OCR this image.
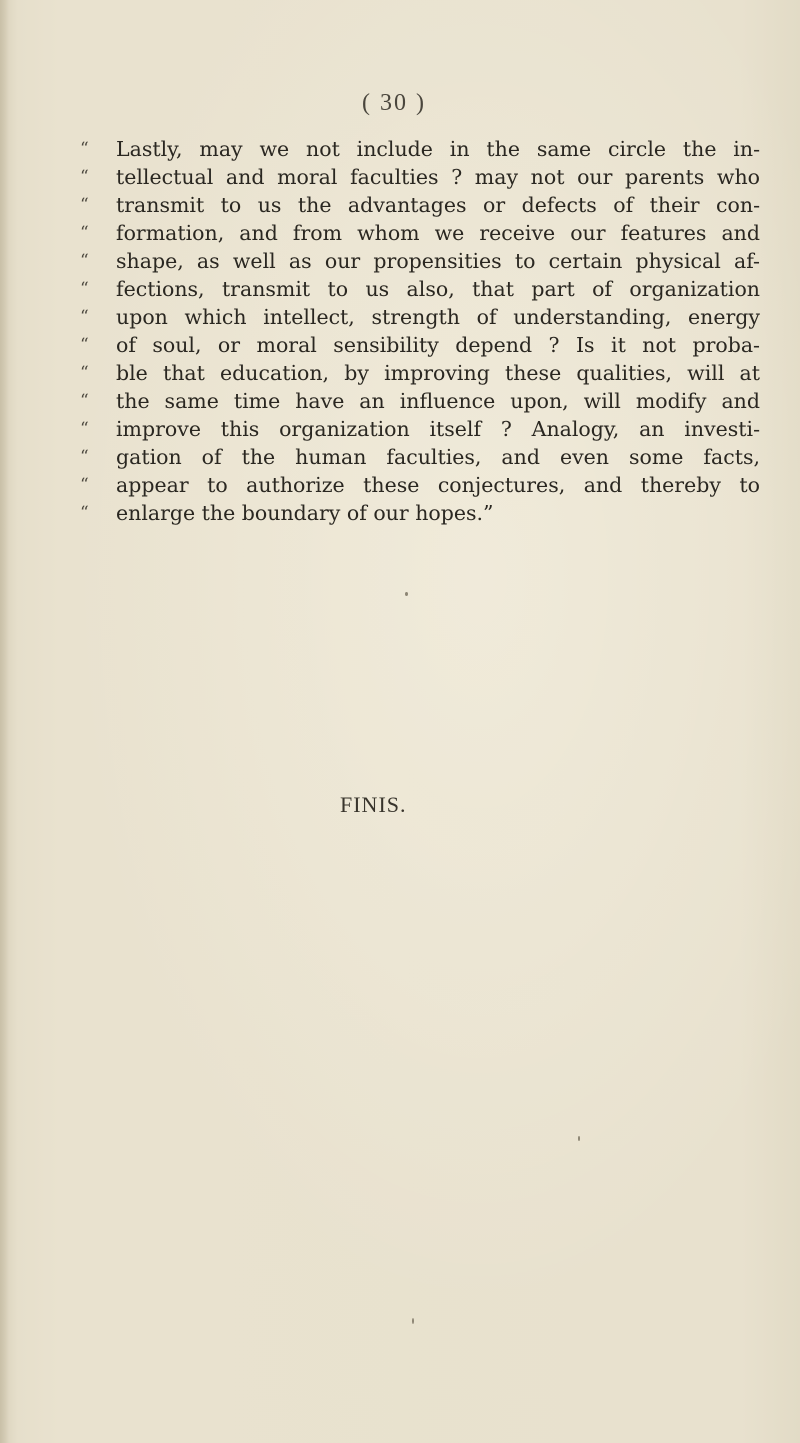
( 30 )

“	Lastly, may we not include in the same circle the in-
“	tellectual and moral faculties ? may not our parents who
“	transmit to us the advantages or defects of their con-
“	formation, and from whom we receive our features and
“	shape, as well as our propensities to certain physical af-
“	fections, transmit to us also, that part of organization
“	upon which intellect, strength of understanding, energy
“	of soul, or moral sensibility depend ? Is it not proba-
“	ble that education, by improving these qualities, will at
“	the same time have an influence upon, will modify and
“	improve this organization itself ? Analogy, an investi-
“	gation of the human faculties, and even some facts,
“	appear to authorize these conjectures, and thereby to
“	enlarge the boundary of our hopes.”

FINIS.
